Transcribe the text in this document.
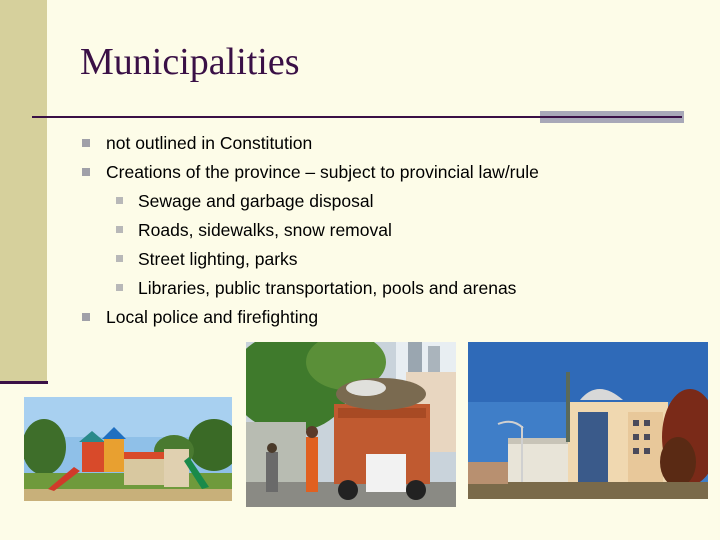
Municipalities
not outlined in Constitution
Creations of the province – subject to provincial law/rule
Sewage and garbage disposal
Roads, sidewalks, snow removal
Street lighting, parks
Libraries, public transportation, pools and arenas
Local police and firefighting
